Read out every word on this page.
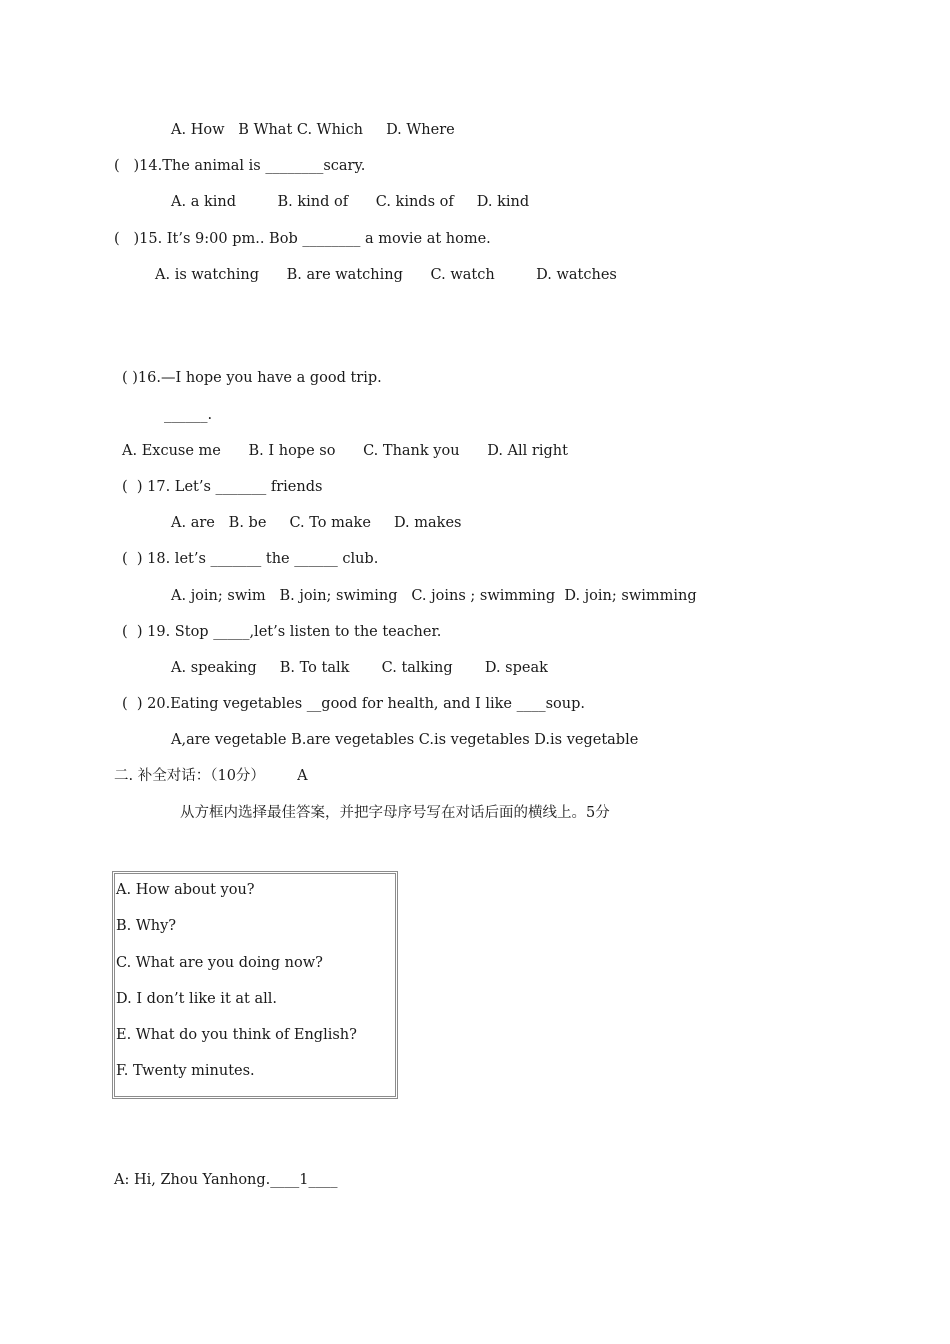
A. How   B What C. Which     D. Where
(   )14.The animal is ________scary.
A. a kind         B. kind of      C. kinds of     D. kind
(   )15. It’s 9:00 pm.. Bob ________ a movie at home.
A. is watching      B. are watching      C. watch         D. watches
( )16.—I hope you have a good trip.
______.
A. Excuse me      B. I hope so      C. Thank you      D. All right
(  ) 17. Let’s _______ friends
A. are   B. be     C. To make     D. makes
(  ) 18. let’s _______ the ______ club.
A. join; swim   B. join; swiming   C. joins ; swimming  D. join; swimming
(  ) 19. Stop _____,let’s listen to the teacher.
A. speaking     B. To talk       C. talking       D. speak
(  ) 20.Eating vegetables __good for health, and I like ____soup.
A,are vegetable B.are vegetables C.is vegetables D.is vegetable
二. 补全对话：（10分）       A
从方框内选择最佳答案，并把字母序号写在对话后面的横线上。5分
A. How about you?
B. Why?
C. What are you doing now?
D. I don’t like it at all.
E. What do you think of English?
F. Twenty minutes.
A: Hi, Zhou Yanhong.____1____
